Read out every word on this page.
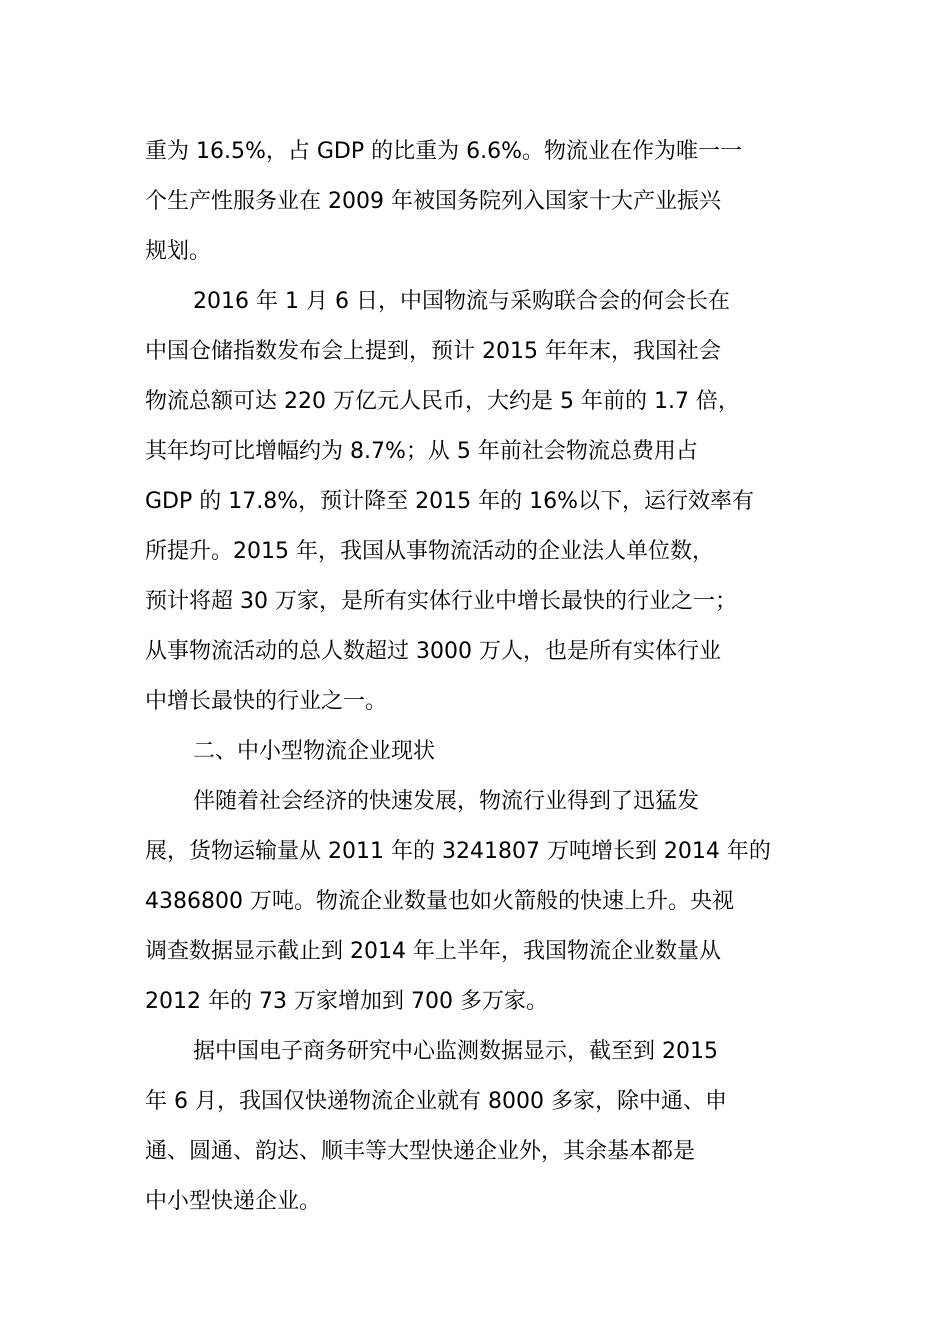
重为 16.5%，占 GDP 的比重为 6.6%。物流业在作为唯一一
个生产性服务业在 2009 年被国务院列入国家十大产业振兴
规划。
2016 年 1 月 6 日，中国物流与采购联合会的何会长在
中国仓储指数发布会上提到，预计 2015 年年末，我国社会
物流总额可达 220 万亿元人民币，大约是 5 年前的 1.7 倍，
其年均可比增幅约为 8.7%；从 5 年前社会物流总费用占
GDP 的 17.8%，预计降至 2015 年的 16%以下，运行效率有
所提升。2015 年，我国从事物流活动的企业法人单位数，
预计将超 30 万家，是所有实体行业中增长最快的行业之一；
从事物流活动的总人数超过 3000 万人，也是所有实体行业
中增长最快的行业之一。
二、中小型物流企业现状
伴随着社会经济的快速发展，物流行业得到了迅猛发
展，货物运输量从 2011 年的 3241807 万吨增长到 2014 年的
4386800 万吨。物流企业数量也如火箭般的快速上升。央视
调查数据显示截止到 2014 年上半年，我国物流企业数量从
2012 年的 73 万家增加到 700 多万家。
据中国电子商务研究中心监测数据显示，截至到 2015
年 6 月，我国仅快递物流企业就有 8000 多家，除中通、申
通、圆通、韵达、顺丰等大型快递企业外，其余基本都是
中小型快递企业。
